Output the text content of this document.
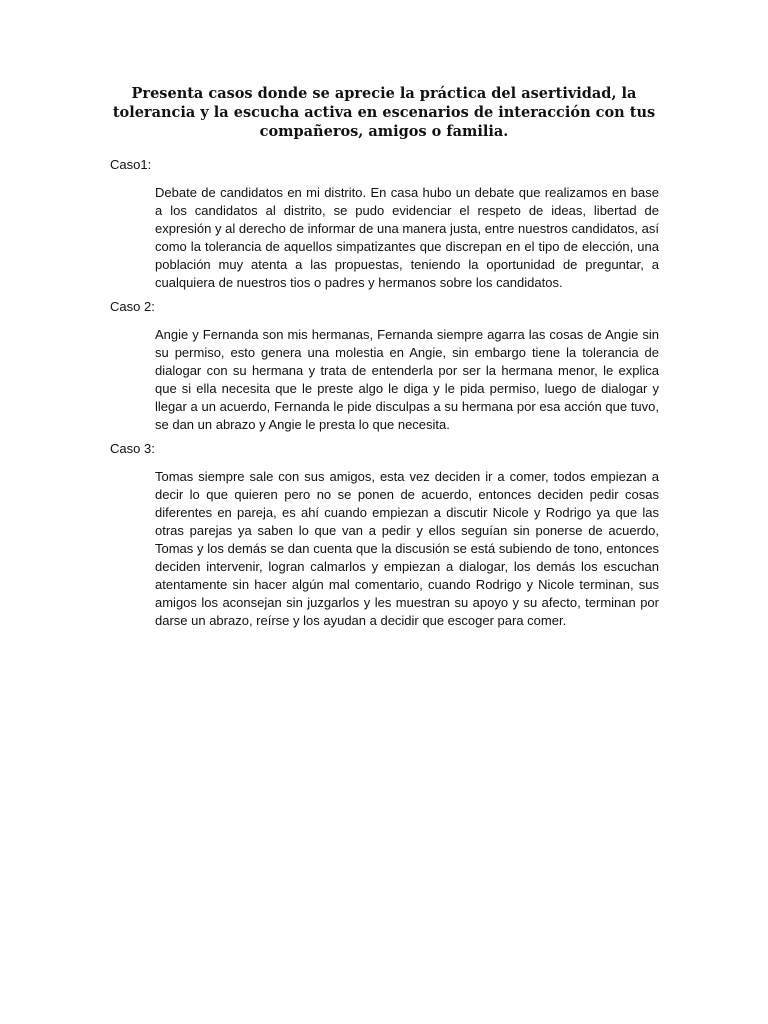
Presenta casos donde se aprecie la práctica del asertividad, la tolerancia y la escucha activa en escenarios de interacción con tus compañeros, amigos o familia.
Caso1:
Debate de candidatos en mi distrito. En casa hubo un debate que realizamos en base a los candidatos al distrito, se pudo evidenciar el respeto de ideas, libertad de expresión y al derecho de informar de una manera justa, entre nuestros candidatos, así como la tolerancia de aquellos simpatizantes que discrepan en el tipo de elección, una población muy atenta a las propuestas, teniendo la oportunidad de preguntar, a cualquiera de nuestros tios o padres y hermanos sobre los candidatos.
Caso 2:
Angie y Fernanda son mis hermanas, Fernanda siempre agarra las cosas de Angie sin su permiso, esto genera una molestia en Angie, sin embargo tiene la tolerancia de dialogar con su hermana y trata de entenderla por ser la hermana menor, le explica que si ella necesita que le preste algo le diga y le pida permiso, luego de dialogar y llegar a un acuerdo, Fernanda le pide disculpas a su hermana por esa acción que tuvo, se dan un abrazo y Angie le presta lo que necesita.
Caso 3:
Tomas siempre sale con sus amigos, esta vez deciden ir a comer, todos empiezan a decir lo que quieren pero no se ponen de acuerdo, entonces deciden pedir cosas diferentes en pareja, es ahí cuando empiezan a discutir Nicole y Rodrigo ya que las otras parejas ya saben lo que van a pedir y ellos seguían sin ponerse de acuerdo, Tomas y los demás se dan cuenta que la discusión se está subiendo de tono, entonces deciden intervenir, logran calmarlos y empiezan a dialogar, los demás los escuchan atentamente sin hacer algún mal comentario, cuando Rodrigo y Nicole terminan, sus amigos los aconsejan sin juzgarlos y les muestran su apoyo y su afecto, terminan por darse un abrazo, reírse y los ayudan a decidir que escoger para comer.
